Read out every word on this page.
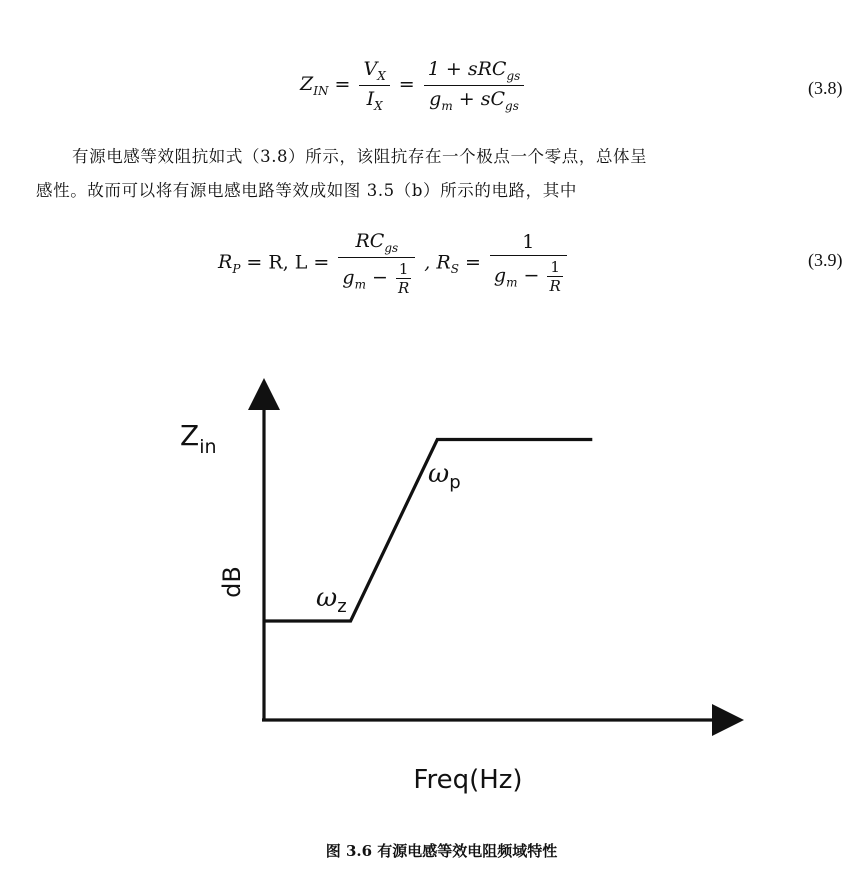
$Z_{IN} = \frac{V_X}{I_X} = \frac{1 + sRC_{gs}}{g_m + sC_{gs}}$	(3.8)
有源电感等效阻抗如式（3.8）所示，该阻抗存在一个极点一个零点，总体呈
感性。故而可以将有源电感电路等效成如图 3.5（b）所示的电路，其中
$R_P = R$, $L = \frac{RC_{gs}}{g_m - \frac{1}{R}}$ , $R_S = \frac{1}{g_m - \frac{1}{R}}$	(3.9)
$Z_{in}$
dB
Freq(Hz)
$\omega_z$
$\omega_p$
图 3.6 有源电感等效电阻频域特性
